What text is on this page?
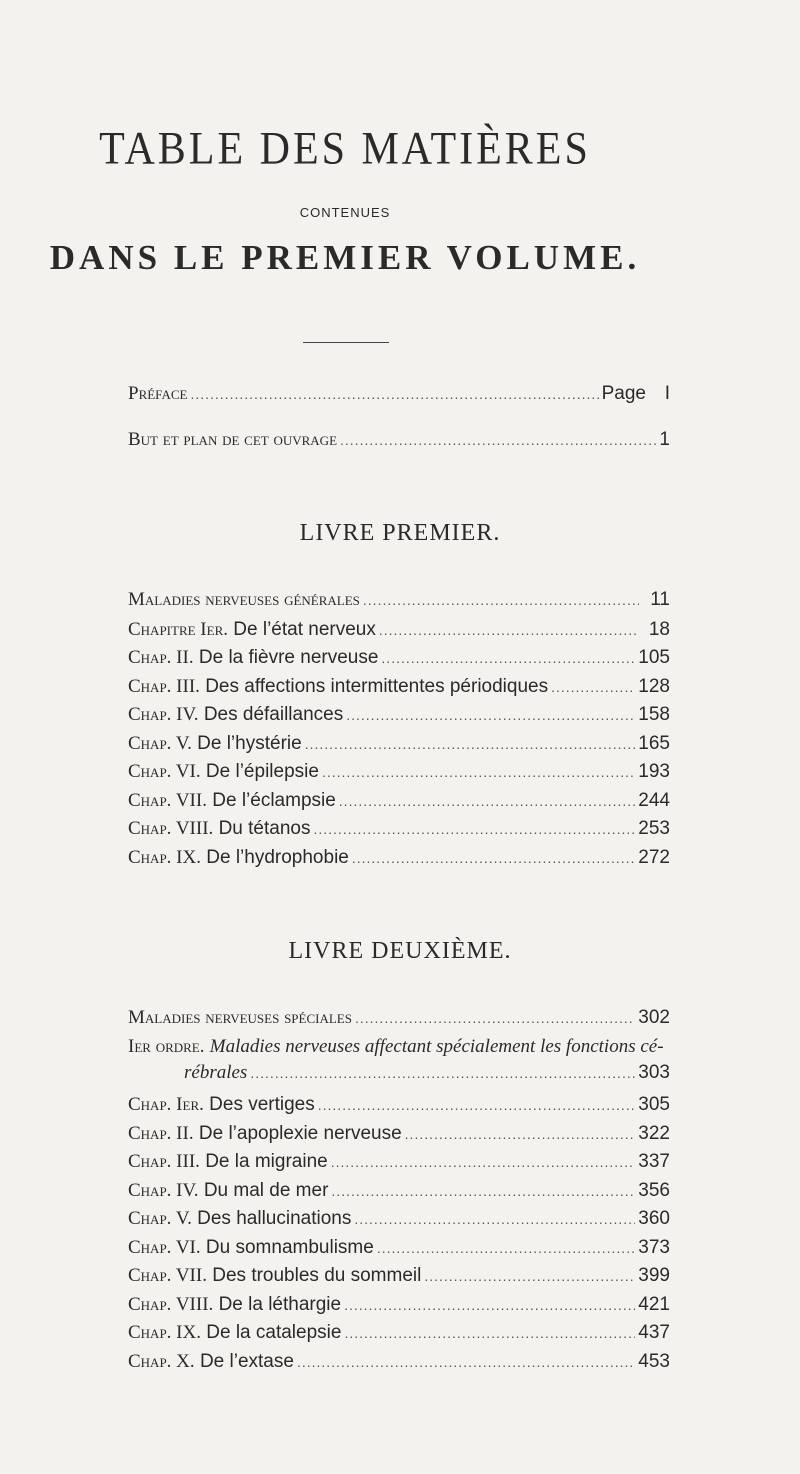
TABLE DES MATIÈRES
CONTENUES
DANS LE PREMIER VOLUME.
Préface .....	Page I
But et plan de cet ouvrage .....	1
LIVRE PREMIER.
Maladies nerveuses générales .....	11
Chapitre Ier. De l’état nerveux .....	18
Chap. II. De la fièvre nerveuse .....	105
Chap. III. Des affections intermittentes périodiques .....	128
Chap. IV. Des défaillances .....	158
Chap. V. De l’hystérie .....	165
Chap. VI. De l’épilepsie .....	193
Chap. VII. De l’éclampsie .....	244
Chap. VIII. Du tétanos .....	253
Chap. IX. De l’hydrophobie .....	272
LIVRE DEUXIÈME.
Maladies nerveuses spéciales .....	302
Ier ordre. Maladies nerveuses affectant spécialement les fonctions cé-
rébrales .....	303
Chap. Ier. Des vertiges .....	305
Chap. II. De l’apoplexie nerveuse .....	322
Chap. III. De la migraine .....	337
Chap. IV. Du mal de mer .....	356
Chap. V. Des hallucinations .....	360
Chap. VI. Du somnambulisme .....	373
Chap. VII. Des troubles du sommeil .....	399
Chap. VIII. De la léthargie .....	421
Chap. IX. De la catalepsie .....	437
Chap. X. De l’extase .....	453
